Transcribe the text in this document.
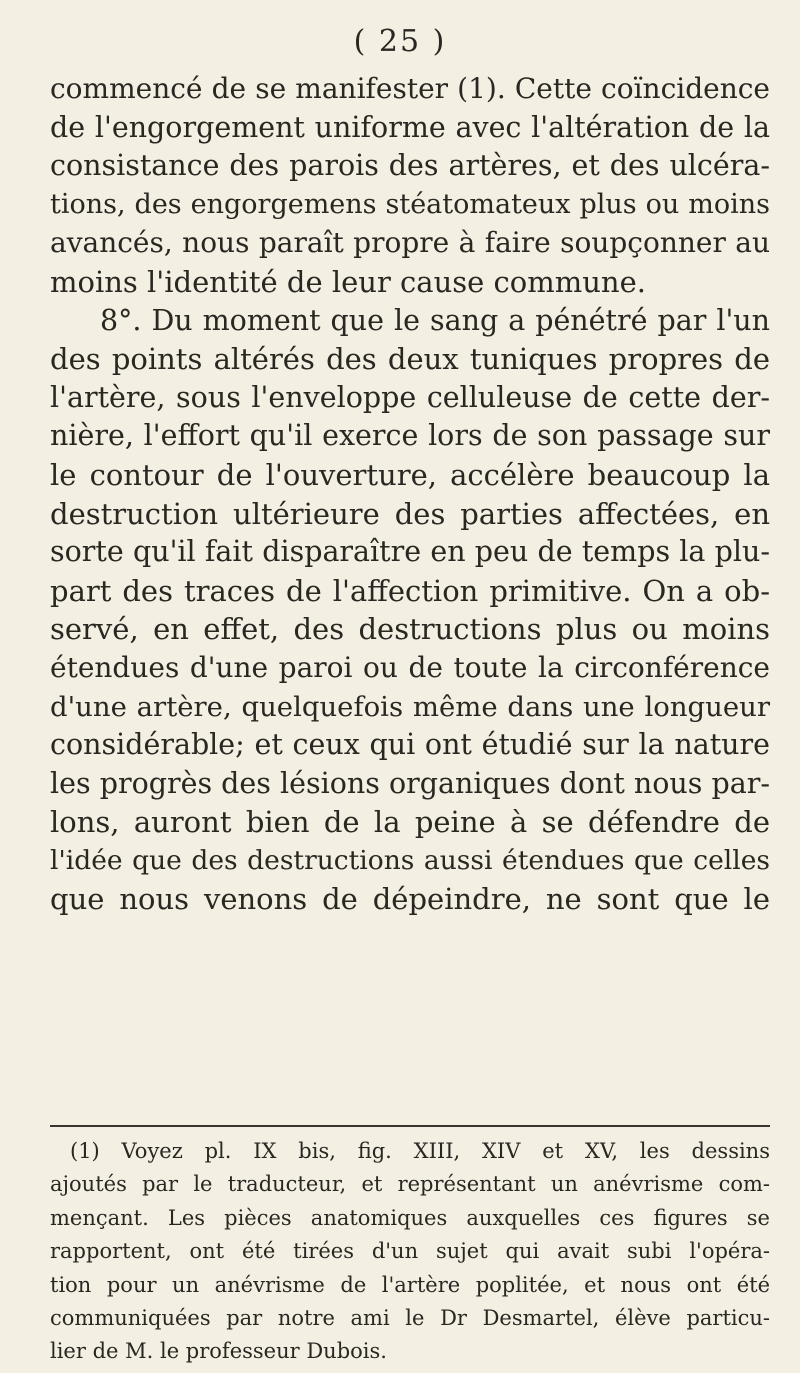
( 25 )
commencé de se manifester (1). Cette coïncidence
de l'engorgement uniforme avec l'altération de la
consistance des parois des artères, et des ulcéra-
tions, des engorgemens stéatomateux plus ou moins
avancés, nous paraît propre à faire soupçonner au
moins l'identité de leur cause commune.
8°. Du moment que le sang a pénétré par l'un
des points altérés des deux tuniques propres de
l'artère, sous l'enveloppe celluleuse de cette der-
nière, l'effort qu'il exerce lors de son passage sur
le contour de l'ouverture, accélère beaucoup la
destruction ultérieure des parties affectées, en
sorte qu'il fait disparaître en peu de temps la plu-
part des traces de l'affection primitive. On a ob-
servé, en effet, des destructions plus ou moins
étendues d'une paroi ou de toute la circonférence
d'une artère, quelquefois même dans une longueur
considérable; et ceux qui ont étudié sur la nature
les progrès des lésions organiques dont nous par-
lons, auront bien de la peine à se défendre de
l'idée que des destructions aussi étendues que celles
que nous venons de dépeindre, ne sont que le
(1) Voyez pl. IX bis, fig. XIII, XIV et XV, les dessins
ajoutés par le traducteur, et représentant un anévrisme com-
mençant. Les pièces anatomiques auxquelles ces figures se
rapportent, ont été tirées d'un sujet qui avait subi l'opéra-
tion pour un anévrisme de l'artère poplitée, et nous ont été
communiquées par notre ami le Dr Desmartel, élève particu-
lier de M. le professeur Dubois.
